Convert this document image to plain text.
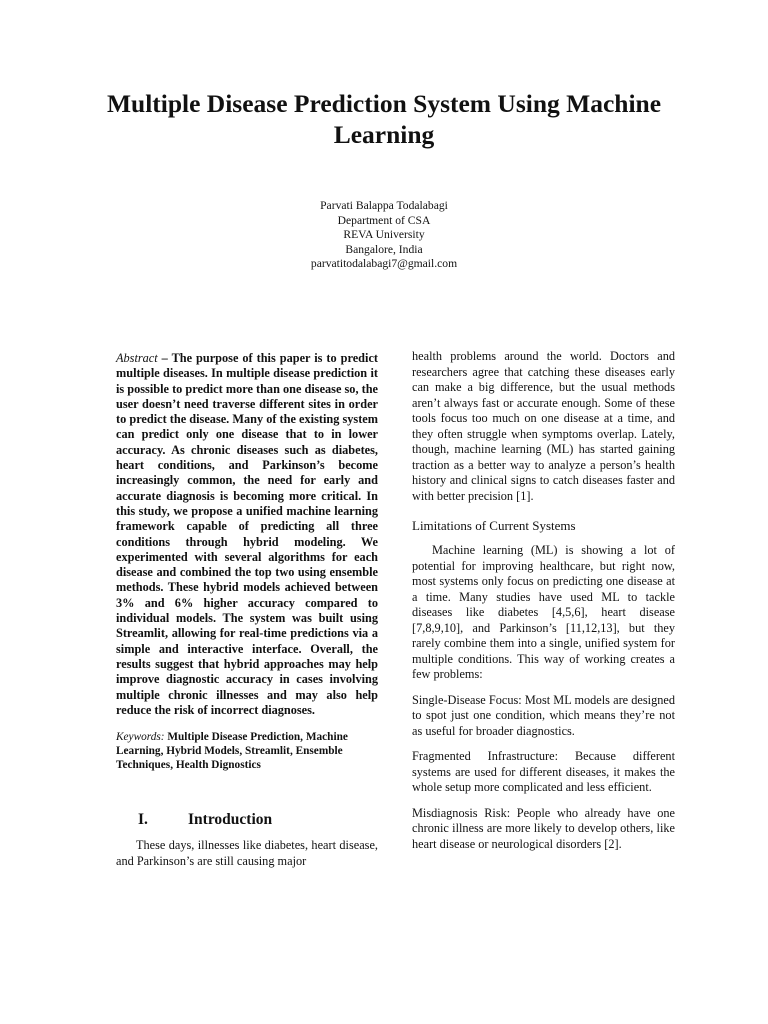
Multiple Disease Prediction System Using Machine Learning
Parvati Balappa Todalabagi
Department of CSA
REVA University
Bangalore, India
parvatitodalabagi7@gmail.com

Abstract – The purpose of this paper is to predict multiple diseases. In multiple disease prediction it is possible to predict more than one disease so, the user doesn’t need traverse different sites in order to predict the disease. Many of the existing system can predict only one disease that to in lower accuracy. As chronic diseases such as diabetes, heart conditions, and Parkinson’s become increasingly common, the need for early and accurate diagnosis is becoming more critical. In this study, we propose a unified machine learning framework capable of predicting all three conditions through hybrid modeling. We experimented with several algorithms for each disease and combined the top two using ensemble methods. These hybrid models achieved between 3% and 6% higher accuracy compared to individual models. The system was built using Streamlit, allowing for real-time predictions via a simple and interactive interface. Overall, the results suggest that hybrid approaches may help improve diagnostic accuracy in cases involving multiple chronic illnesses and may also help reduce the risk of incorrect diagnoses.

Keywords: Multiple Disease Prediction, Machine Learning, Hybrid Models, Streamlit, Ensemble Techniques, Health Dignostics

I.	Introduction

These days, illnesses like diabetes, heart disease, and Parkinson’s are still causing major

health problems around the world. Doctors and researchers agree that catching these diseases early can make a big difference, but the usual methods aren’t always fast or accurate enough. Some of these tools focus too much on one disease at a time, and they often struggle when symptoms overlap. Lately, though, machine learning (ML) has started gaining traction as a better way to analyze a person’s health history and clinical signs to catch diseases faster and with better precision [1].

Limitations of Current Systems

Machine learning (ML) is showing a lot of potential for improving healthcare, but right now, most systems only focus on predicting one disease at a time. Many studies have used ML to tackle diseases like diabetes [4,5,6], heart disease [7,8,9,10], and Parkinson’s [11,12,13], but they rarely combine them into a single, unified system for multiple conditions. This way of working creates a few problems:

Single-Disease Focus: Most ML models are designed to spot just one condition, which means they’re not as useful for broader diagnostics.

Fragmented Infrastructure: Because different systems are used for different diseases, it makes the whole setup more complicated and less efficient.

Misdiagnosis Risk: People who already have one chronic illness are more likely to develop others, like heart disease or neurological disorders [2].
